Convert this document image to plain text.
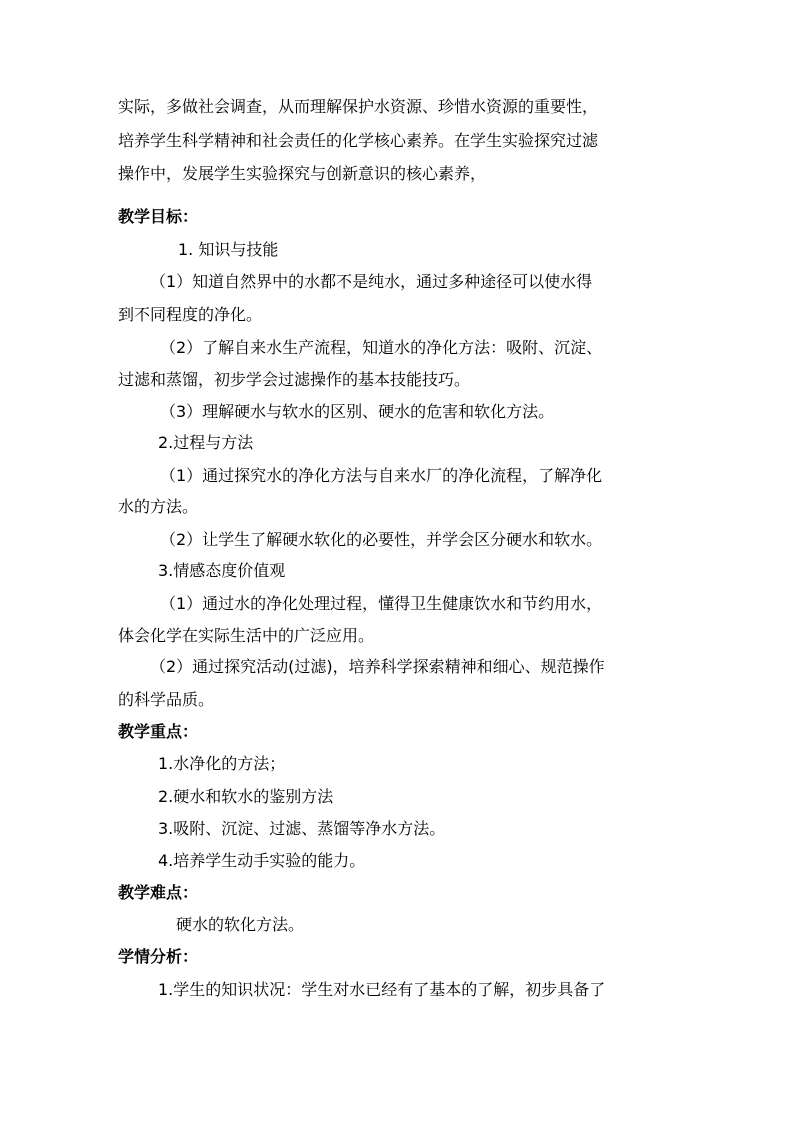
实际，多做社会调查，从而理解保护水资源、珍惜水资源的重要性，
培养学生科学精神和社会责任的化学核心素养。在学生实验探究过滤
操作中，发展学生实验探究与创新意识的核心素养，
教学目标：
1. 知识与技能
（1）知道自然界中的水都不是纯水，通过多种途径可以使水得
到不同程度的净化。
（2）了解自来水生产流程，知道水的净化方法：吸附、沉淀、
过滤和蒸馏，初步学会过滤操作的基本技能技巧。
（3）理解硬水与软水的区别、硬水的危害和软化方法。
2.过程与方法
（1）通过探究水的净化方法与自来水厂的净化流程，了解净化
水的方法。
（2）让学生了解硬水软化的必要性，并学会区分硬水和软水。
3.情感态度价值观
（1）通过水的净化处理过程，懂得卫生健康饮水和节约用水，
体会化学在实际生活中的广泛应用。
（2）通过探究活动(过滤)，培养科学探索精神和细心、规范操作
的科学品质。
教学重点：
1.水净化的方法；
2.硬水和软水的鉴别方法
3.吸附、沉淀、过滤、蒸馏等净水方法。
4.培养学生动手实验的能力。
教学难点：
硬水的软化方法。
学情分析：
1.学生的知识状况：学生对水已经有了基本的了解，初步具备了
